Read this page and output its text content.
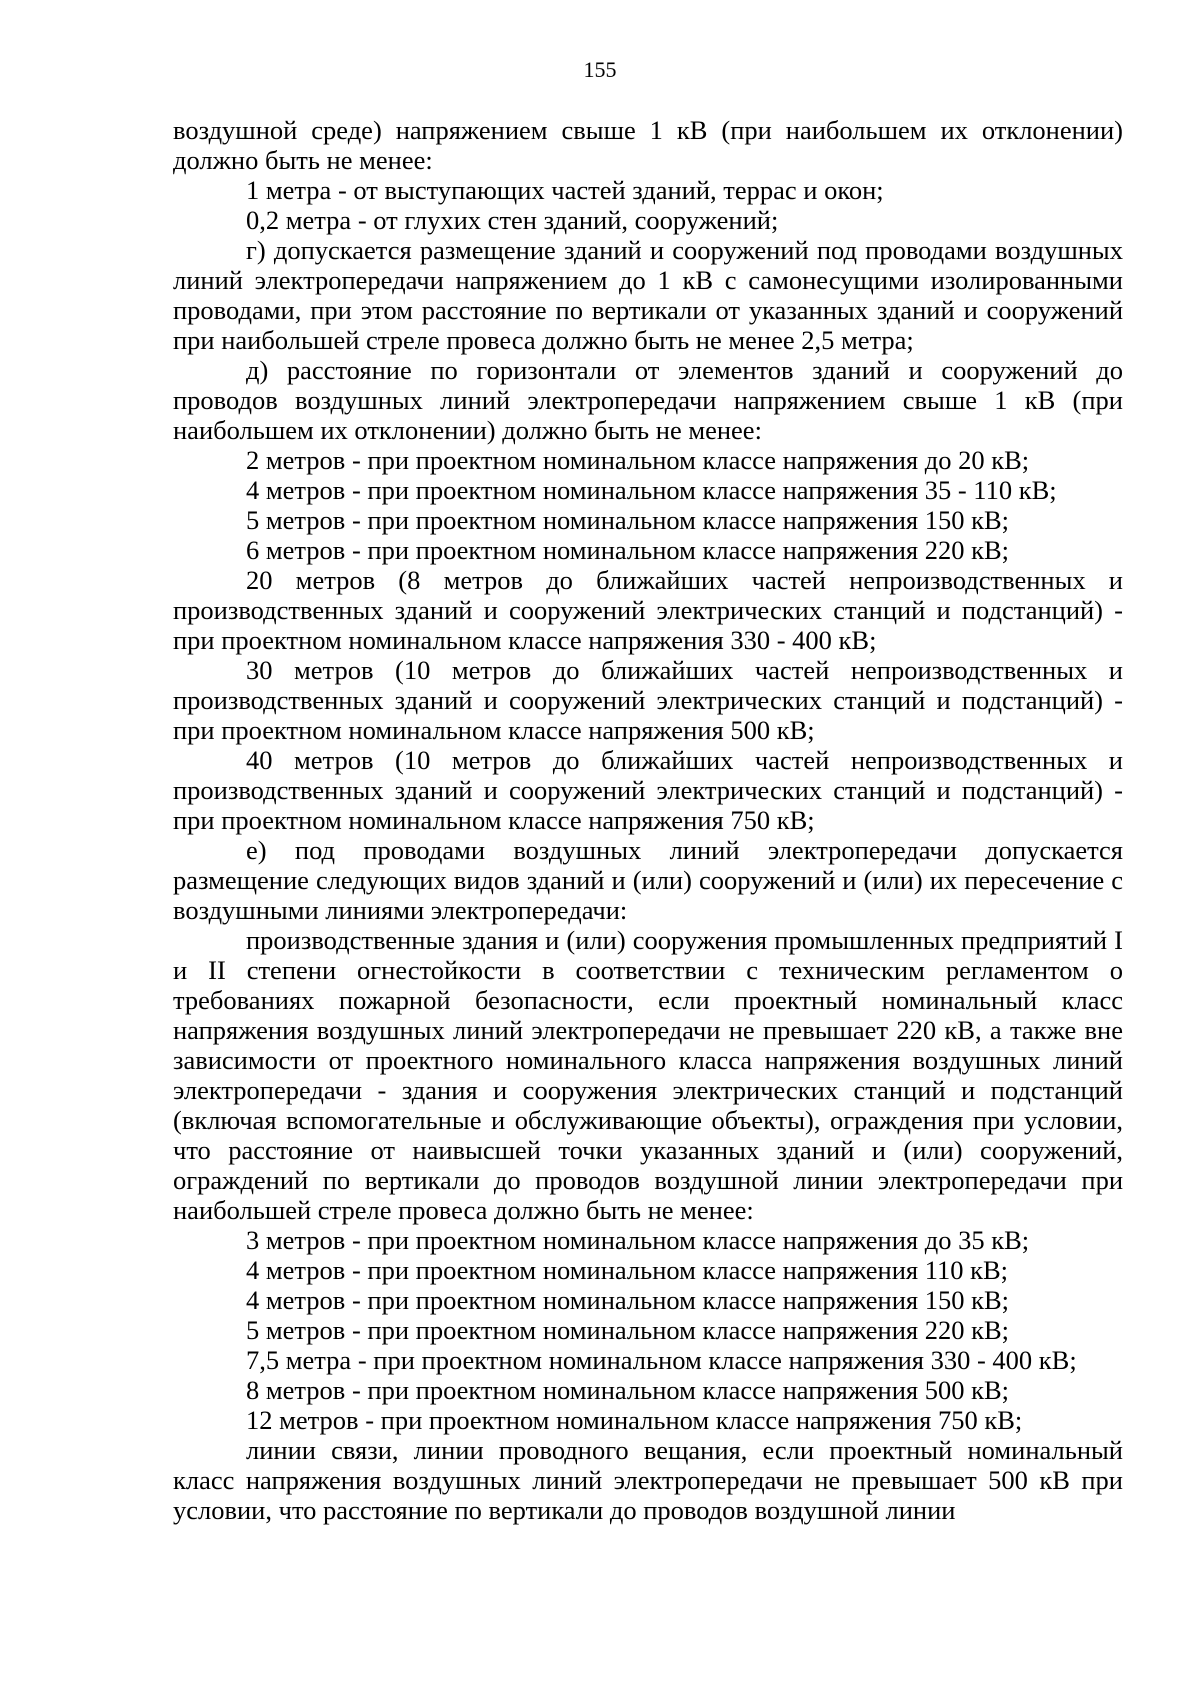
155

воздушной среде) напряжением свыше 1 кВ (при наибольшем их отклонении) должно быть не менее:

1 метра - от выступающих частей зданий, террас и окон;

0,2 метра - от глухих стен зданий, сооружений;

г) допускается размещение зданий и сооружений под проводами воздушных линий электропередачи напряжением до 1 кВ с самонесущими изолированными проводами, при этом расстояние по вертикали от указанных зданий и сооружений при наибольшей стреле провеса должно быть не менее 2,5 метра;

д) расстояние по горизонтали от элементов зданий и сооружений до проводов воздушных линий электропередачи напряжением свыше 1 кВ (при наибольшем их отклонении) должно быть не менее:

2 метров - при проектном номинальном классе напряжения до 20 кВ;

4 метров - при проектном номинальном классе напряжения 35 - 110 кВ;

5 метров - при проектном номинальном классе напряжения 150 кВ;

6 метров - при проектном номинальном классе напряжения 220 кВ;

20 метров (8 метров до ближайших частей непроизводственных и производственных зданий и сооружений электрических станций и подстанций) - при проектном номинальном классе напряжения 330 - 400 кВ;

30 метров (10 метров до ближайших частей непроизводственных и производственных зданий и сооружений электрических станций и подстанций) - при проектном номинальном классе напряжения 500 кВ;

40 метров (10 метров до ближайших частей непроизводственных и производственных зданий и сооружений электрических станций и подстанций) - при проектном номинальном классе напряжения 750 кВ;

е) под проводами воздушных линий электропередачи допускается размещение следующих видов зданий и (или) сооружений и (или) их пересечение с воздушными линиями электропередачи:

производственные здания и (или) сооружения промышленных предприятий I и II степени огнестойкости в соответствии с техническим регламентом о требованиях пожарной безопасности, если проектный номинальный класс напряжения воздушных линий электропередачи не превышает 220 кВ, а также вне зависимости от проектного номинального класса напряжения воздушных линий электропередачи - здания и сооружения электрических станций и подстанций (включая вспомогательные и обслуживающие объекты), ограждения при условии, что расстояние от наивысшей точки указанных зданий и (или) сооружений, ограждений по вертикали до проводов воздушной линии электропередачи при наибольшей стреле провеса должно быть не менее:

3 метров - при проектном номинальном классе напряжения до 35 кВ;

4 метров - при проектном номинальном классе напряжения 110 кВ;

4 метров - при проектном номинальном классе напряжения 150 кВ;

5 метров - при проектном номинальном классе напряжения 220 кВ;

7,5 метра - при проектном номинальном классе напряжения 330 - 400 кВ;

8 метров - при проектном номинальном классе напряжения 500 кВ;

12 метров - при проектном номинальном классе напряжения 750 кВ;

линии связи, линии проводного вещания, если проектный номинальный класс напряжения воздушных линий электропередачи не превышает 500 кВ при условии, что расстояние по вертикали до проводов воздушной линии
